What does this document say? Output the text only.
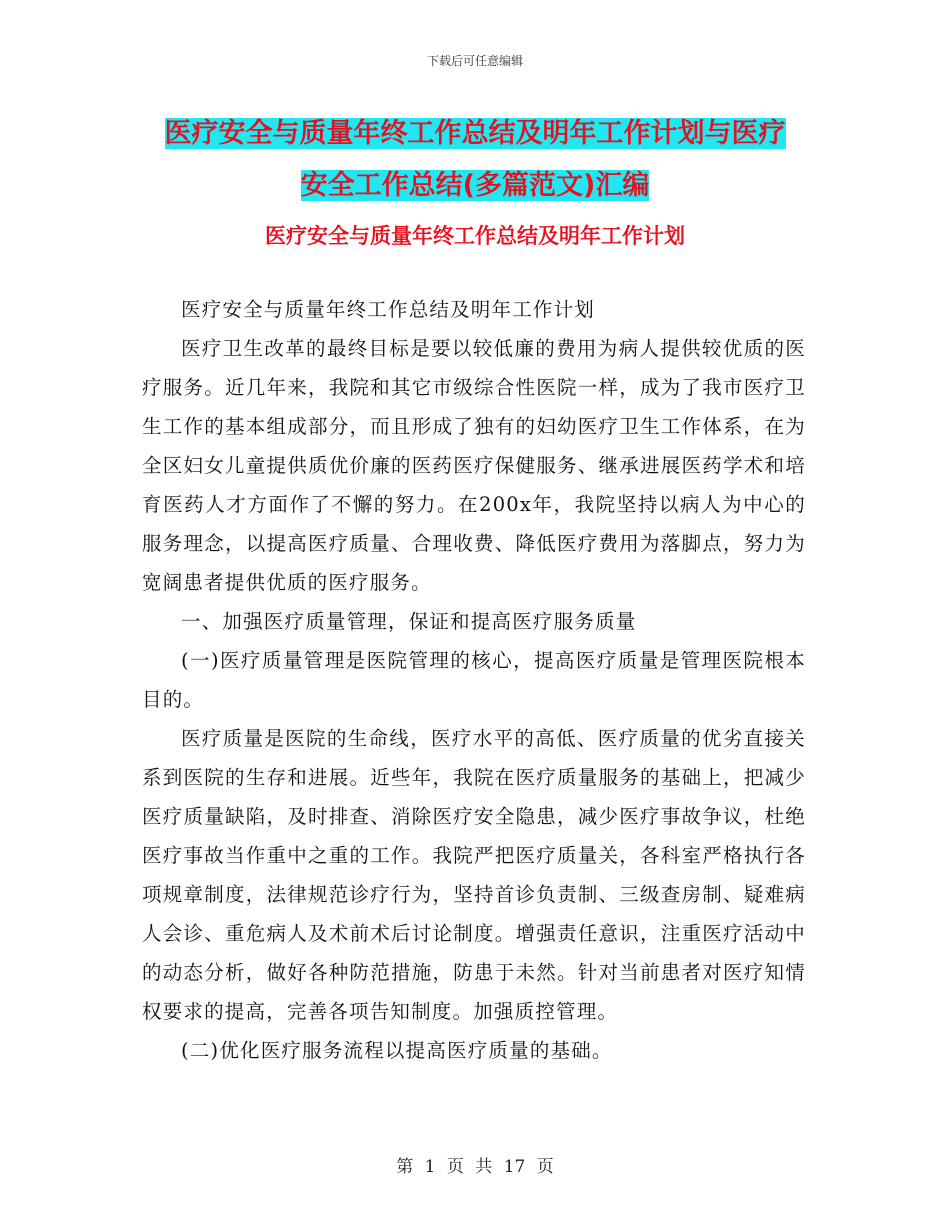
下载后可任意编辑
医疗安全与质量年终工作总结及明年工作计划与医疗
安全工作总结(多篇范文)汇编
医疗安全与质量年终工作总结及明年工作计划

医疗安全与质量年终工作总结及明年工作计划

医疗卫生改革的最终目标是要以较低廉的费用为病人提供较优质的医疗服务。近几年来，我院和其它市级综合性医院一样，成为了我市医疗卫生工作的基本组成部分，而且形成了独有的妇幼医疗卫生工作体系，在为全区妇女儿童提供质优价廉的医药医疗保健服务、继承进展医药学术和培育医药人才方面作了不懈的努力。在200x年，我院坚持以病人为中心的服务理念，以提高医疗质量、合理收费、降低医疗费用为落脚点，努力为宽阔患者提供优质的医疗服务。

一、加强医疗质量管理，保证和提高医疗服务质量

(一)医疗质量管理是医院管理的核心，提高医疗质量是管理医院根本目的。

医疗质量是医院的生命线，医疗水平的高低、医疗质量的优劣直接关系到医院的生存和进展。近些年，我院在医疗质量服务的基础上，把减少医疗质量缺陷，及时排查、消除医疗安全隐患，减少医疗事故争议，杜绝医疗事故当作重中之重的工作。我院严把医疗质量关，各科室严格执行各项规章制度，法律规范诊疗行为，坚持首诊负责制、三级查房制、疑难病人会诊、重危病人及术前术后讨论制度。增强责任意识，注重医疗活动中的动态分析，做好各种防范措施，防患于未然。针对当前患者对医疗知情权要求的提高，完善各项告知制度。加强质控管理。

(二)优化医疗服务流程以提高医疗质量的基础。

第 1 页 共 17 页
